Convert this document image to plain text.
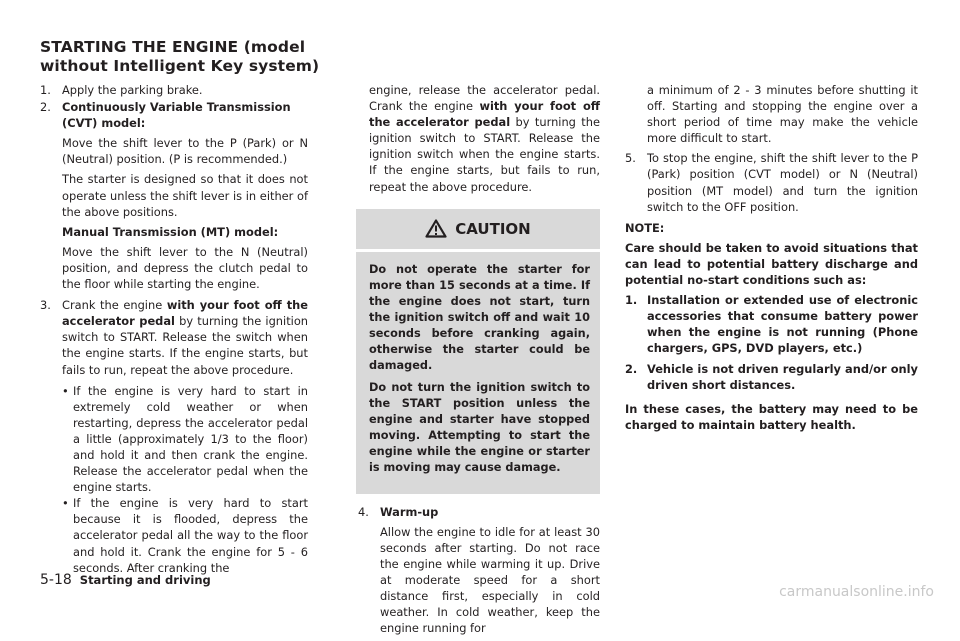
STARTING THE ENGINE (model without Intelligent Key system)
1. Apply the parking brake.
2. Continuously Variable Transmission (CVT) model:

Move the shift lever to the P (Park) or N (Neutral) position. (P is recommended.)

The starter is designed so that it does not operate unless the shift lever is in either of the above positions.

Manual Transmission (MT) model:

Move the shift lever to the N (Neutral) position, and depress the clutch pedal to the floor while starting the engine.

3. Crank the engine with your foot off the accelerator pedal by turning the ignition switch to START. Release the switch when the engine starts. If the engine starts, but fails to run, repeat the above procedure.

• If the engine is very hard to start in extremely cold weather or when restarting, depress the accelerator pedal a little (approximately 1/3 to the floor) and hold it and then crank the engine. Release the accelerator pedal when the engine starts.
• If the engine is very hard to start because it is flooded, depress the accelerator pedal all the way to the floor and hold it. Crank the engine for 5 - 6 seconds. After cranking the

engine, release the accelerator pedal. Crank the engine with your foot off the accelerator pedal by turning the ignition switch to START. Release the ignition switch when the engine starts. If the engine starts, but fails to run, repeat the above procedure.

CAUTION

Do not operate the starter for more than 15 seconds at a time. If the engine does not start, turn the ignition switch off and wait 10 seconds before cranking again, otherwise the starter could be damaged.

Do not turn the ignition switch to the START position unless the engine and starter have stopped moving. Attempting to start the engine while the engine or starter is moving may cause damage.

4. Warm-up

Allow the engine to idle for at least 30 seconds after starting. Do not race the engine while warming it up. Drive at moderate speed for a short distance first, especially in cold weather. In cold weather, keep the engine running for

a minimum of 2 - 3 minutes before shutting it off. Starting and stopping the engine over a short period of time may make the vehicle more difficult to start.

5. To stop the engine, shift the shift lever to the P (Park) position (CVT model) or N (Neutral) position (MT model) and turn the ignition switch to the OFF position.

NOTE:

Care should be taken to avoid situations that can lead to potential battery discharge and potential no-start conditions such as:

1. Installation or extended use of electronic accessories that consume battery power when the engine is not running (Phone chargers, GPS, DVD players, etc.)
2. Vehicle is not driven regularly and/or only driven short distances.

In these cases, the battery may need to be charged to maintain battery health.

5-18 Starting and driving
carmanualsonline.info
